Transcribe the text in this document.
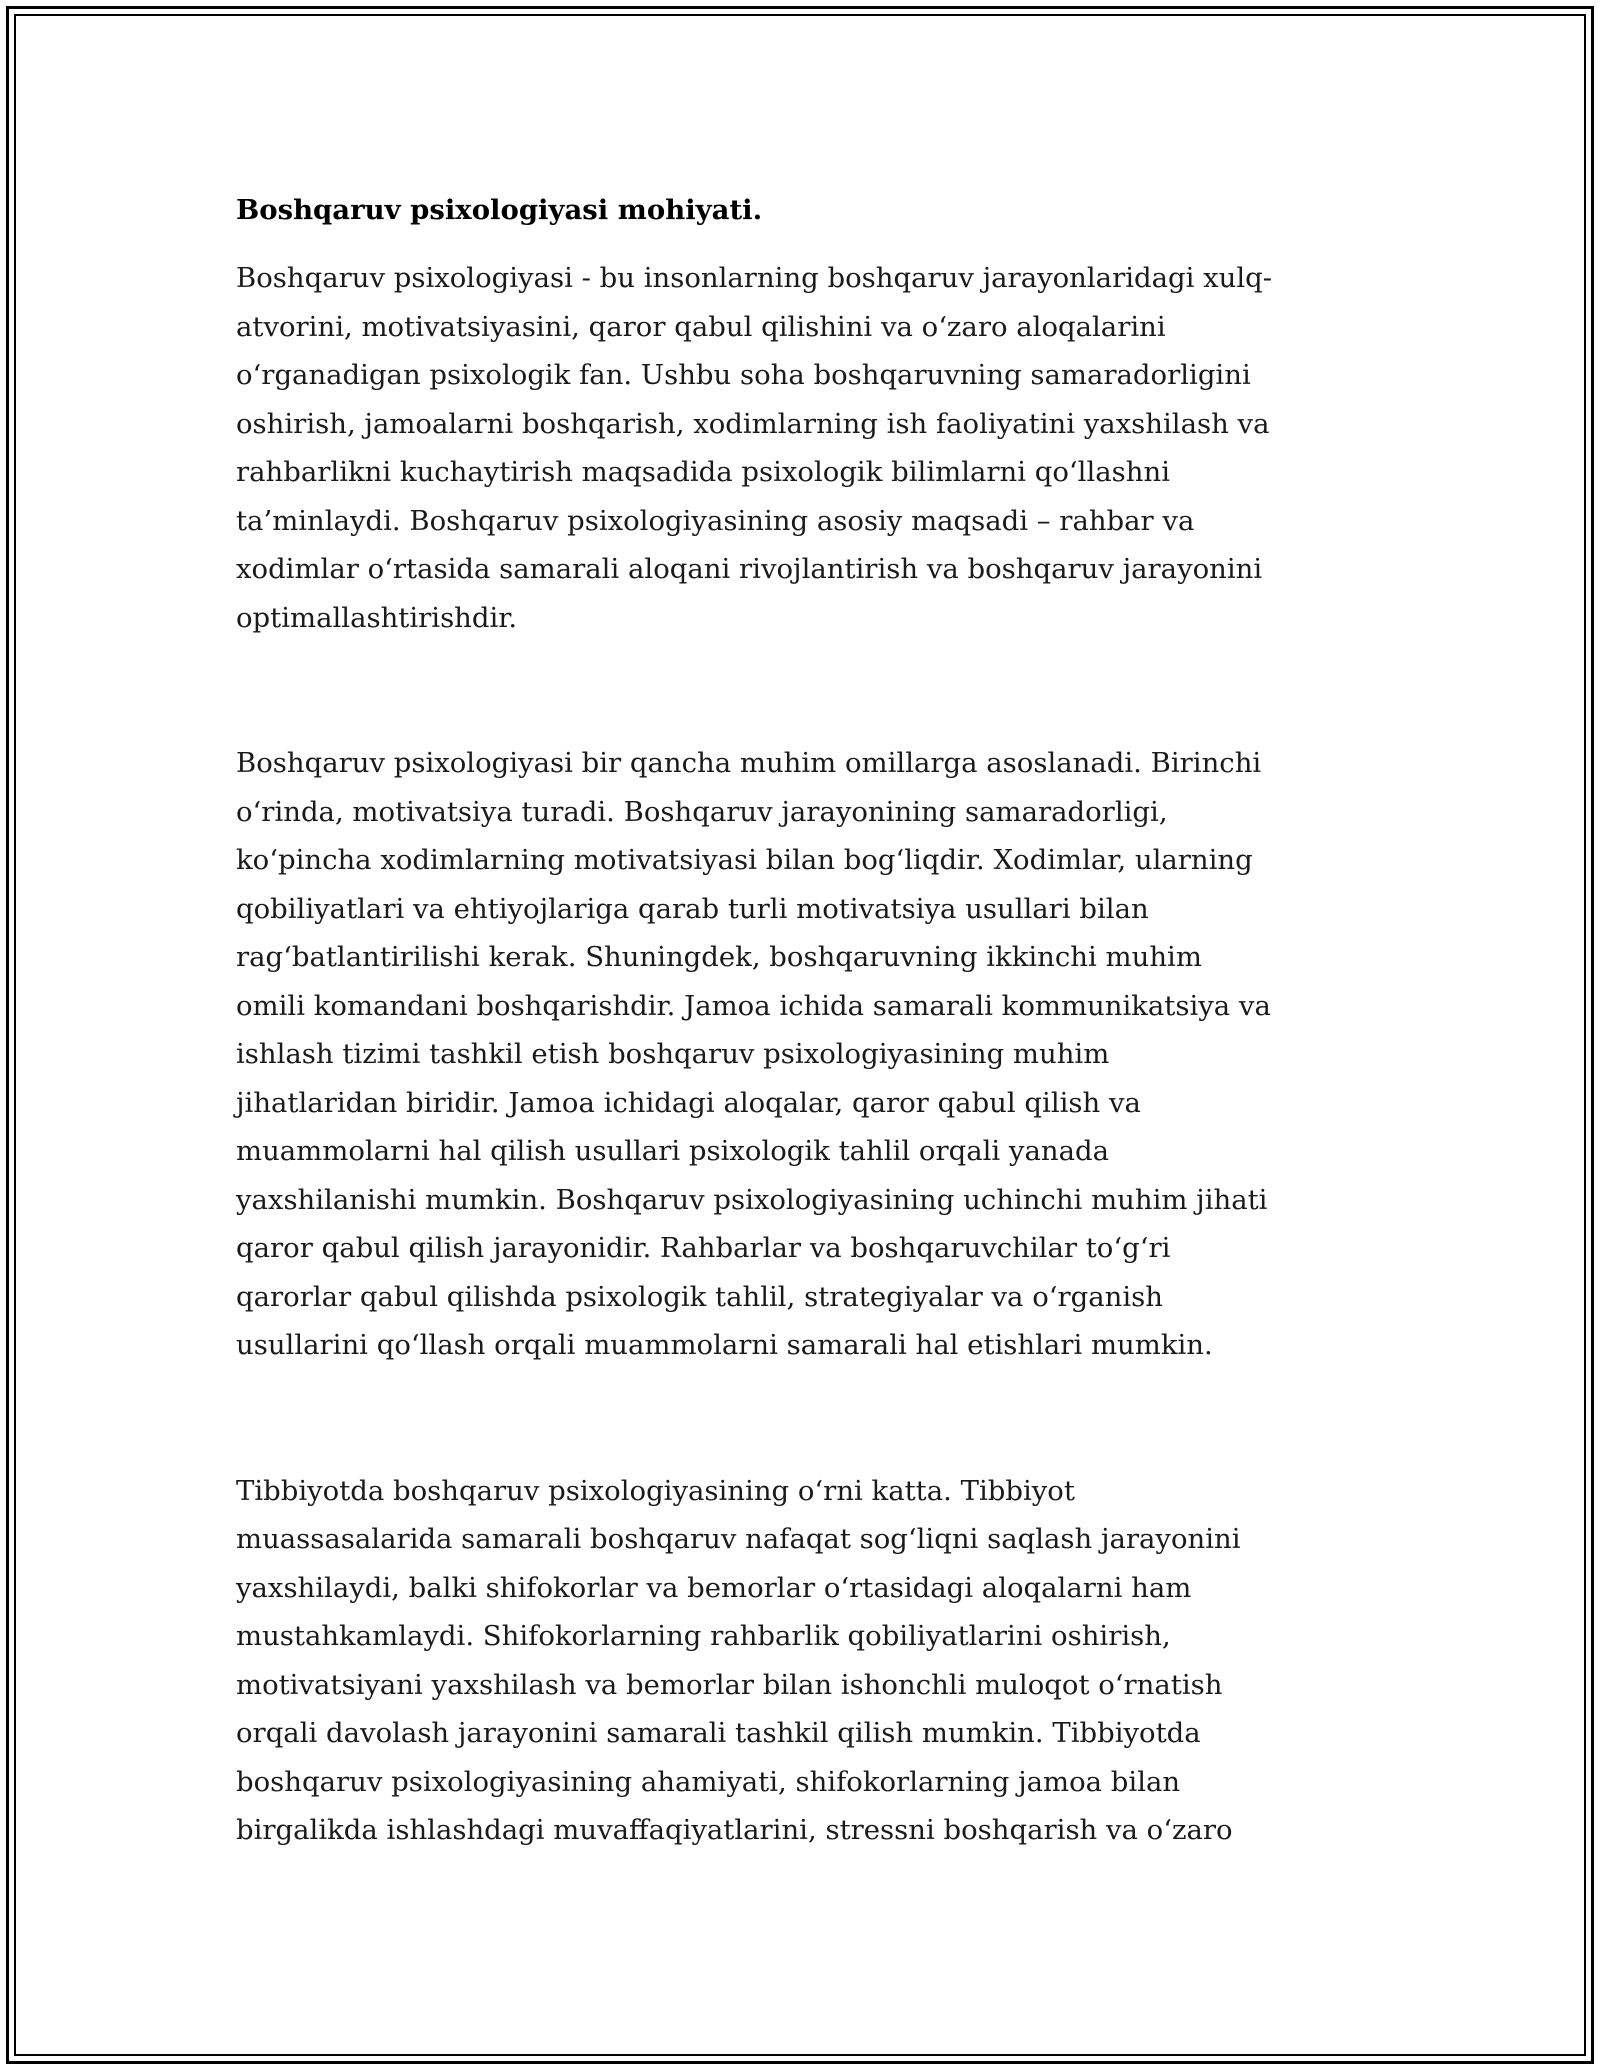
Boshqaruv psixologiyasi mohiyati.

Boshqaruv psixologiyasi - bu insonlarning boshqaruv jarayonlaridagi xulq-
atvorini, motivatsiyasini, qaror qabul qilishini va o‘zaro aloqalarini
o‘rganadigan psixologik fan. Ushbu soha boshqaruvning samaradorligini
oshirish, jamoalarni boshqarish, xodimlarning ish faoliyatini yaxshilash va
rahbarlikni kuchaytirish maqsadida psixologik bilimlarni qo‘llashni
ta’minlaydi. Boshqaruv psixologiyasining asosiy maqsadi – rahbar va
xodimlar o‘rtasida samarali aloqani rivojlantirish va boshqaruv jarayonini
optimallashtirishdir.

Boshqaruv psixologiyasi bir qancha muhim omillarga asoslanadi. Birinchi
o‘rinda, motivatsiya turadi. Boshqaruv jarayonining samaradorligi,
ko‘pincha xodimlarning motivatsiyasi bilan bog‘liqdir. Xodimlar, ularning
qobiliyatlari va ehtiyojlariga qarab turli motivatsiya usullari bilan
rag‘batlantirilishi kerak. Shuningdek, boshqaruvning ikkinchi muhim
omili komandani boshqarishdir. Jamoa ichida samarali kommunikatsiya va
ishlash tizimi tashkil etish boshqaruv psixologiyasining muhim
jihatlaridan biridir. Jamoa ichidagi aloqalar, qaror qabul qilish va
muammolarni hal qilish usullari psixologik tahlil orqali yanada
yaxshilanishi mumkin. Boshqaruv psixologiyasining uchinchi muhim jihati
qaror qabul qilish jarayonidir. Rahbarlar va boshqaruvchilar to‘g‘ri
qarorlar qabul qilishda psixologik tahlil, strategiyalar va o‘rganish
usullarini qo‘llash orqali muammolarni samarali hal etishlari mumkin.

Tibbiyotda boshqaruv psixologiyasining o‘rni katta. Tibbiyot
muassasalarida samarali boshqaruv nafaqat sog‘liqni saqlash jarayonini
yaxshilaydi, balki shifokorlar va bemorlar o‘rtasidagi aloqalarni ham
mustahkamlaydi. Shifokorlarning rahbarlik qobiliyatlarini oshirish,
motivatsiyani yaxshilash va bemorlar bilan ishonchli muloqot o‘rnatish
orqali davolash jarayonini samarali tashkil qilish mumkin. Tibbiyotda
boshqaruv psixologiyasining ahamiyati, shifokorlarning jamoa bilan
birgalikda ishlashdagi muvaffaqiyatlarini, stressni boshqarish va o‘zaro
